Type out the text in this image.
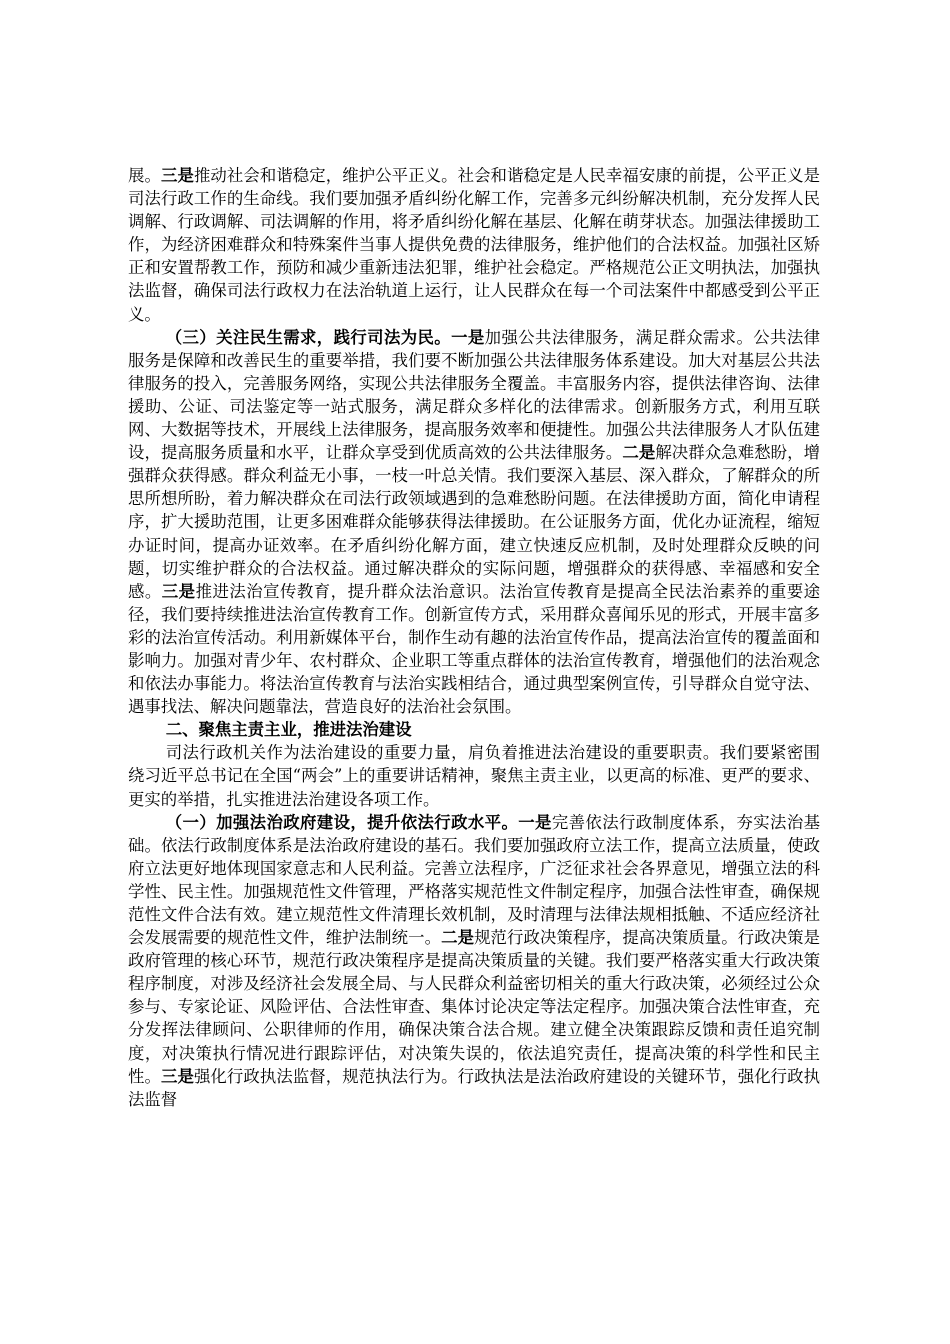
展。三是推动社会和谐稳定，维护公平正义。社会和谐稳定是人民幸福安康的前提，公平正义是司法行政工作的生命线。我们要加强矛盾纠纷化解工作，完善多元纠纷解决机制，充分发挥人民调解、行政调解、司法调解的作用，将矛盾纠纷化解在基层、化解在萌芽状态。加强法律援助工作，为经济困难群众和特殊案件当事人提供免费的法律服务，维护他们的合法权益。加强社区矫正和安置帮教工作，预防和减少重新违法犯罪，维护社会稳定。严格规范公正文明执法，加强执法监督，确保司法行政权力在法治轨道上运行，让人民群众在每一个司法案件中都感受到公平正义。

（三）关注民生需求，践行司法为民。一是加强公共法律服务，满足群众需求。公共法律服务是保障和改善民生的重要举措，我们要不断加强公共法律服务体系建设。加大对基层公共法律服务的投入，完善服务网络，实现公共法律服务全覆盖。丰富服务内容，提供法律咨询、法律援助、公证、司法鉴定等一站式服务，满足群众多样化的法律需求。创新服务方式，利用互联网、大数据等技术，开展线上法律服务，提高服务效率和便捷性。加强公共法律服务人才队伍建设，提高服务质量和水平，让群众享受到优质高效的公共法律服务。二是解决群众急难愁盼，增强群众获得感。群众利益无小事，一枝一叶总关情。我们要深入基层、深入群众，了解群众的所思所想所盼，着力解决群众在司法行政领域遇到的急难愁盼问题。在法律援助方面，简化申请程序，扩大援助范围，让更多困难群众能够获得法律援助。在公证服务方面，优化办证流程，缩短办证时间，提高办证效率。在矛盾纠纷化解方面，建立快速反应机制，及时处理群众反映的问题，切实维护群众的合法权益。通过解决群众的实际问题，增强群众的获得感、幸福感和安全感。三是推进法治宣传教育，提升群众法治意识。法治宣传教育是提高全民法治素养的重要途径，我们要持续推进法治宣传教育工作。创新宣传方式，采用群众喜闻乐见的形式，开展丰富多彩的法治宣传活动。利用新媒体平台，制作生动有趣的法治宣传作品，提高法治宣传的覆盖面和影响力。加强对青少年、农村群众、企业职工等重点群体的法治宣传教育，增强他们的法治观念和依法办事能力。将法治宣传教育与法治实践相结合，通过典型案例宣传，引导群众自觉守法、遇事找法、解决问题靠法，营造良好的法治社会氛围。

二、聚焦主责主业，推进法治建设

司法行政机关作为法治建设的重要力量，肩负着推进法治建设的重要职责。我们要紧密围绕习近平总书记在全国“两会”上的重要讲话精神，聚焦主责主业，以更高的标准、更严的要求、更实的举措，扎实推进法治建设各项工作。

（一）加强法治政府建设，提升依法行政水平。一是完善依法行政制度体系，夯实法治基础。依法行政制度体系是法治政府建设的基石。我们要加强政府立法工作，提高立法质量，使政府立法更好地体现国家意志和人民利益。完善立法程序，广泛征求社会各界意见，增强立法的科学性、民主性。加强规范性文件管理，严格落实规范性文件制定程序，加强合法性审查，确保规范性文件合法有效。建立规范性文件清理长效机制，及时清理与法律法规相抵触、不适应经济社会发展需要的规范性文件，维护法制统一。二是规范行政决策程序，提高决策质量。行政决策是政府管理的核心环节，规范行政决策程序是提高决策质量的关键。我们要严格落实重大行政决策程序制度，对涉及经济社会发展全局、与人民群众利益密切相关的重大行政决策，必须经过公众参与、专家论证、风险评估、合法性审查、集体讨论决定等法定程序。加强决策合法性审查，充分发挥法律顾问、公职律师的作用，确保决策合法合规。建立健全决策跟踪反馈和责任追究制度，对决策执行情况进行跟踪评估，对决策失误的，依法追究责任，提高决策的科学性和民主性。三是强化行政执法监督，规范执法行为。行政执法是法治政府建设的关键环节，强化行政执法监督
